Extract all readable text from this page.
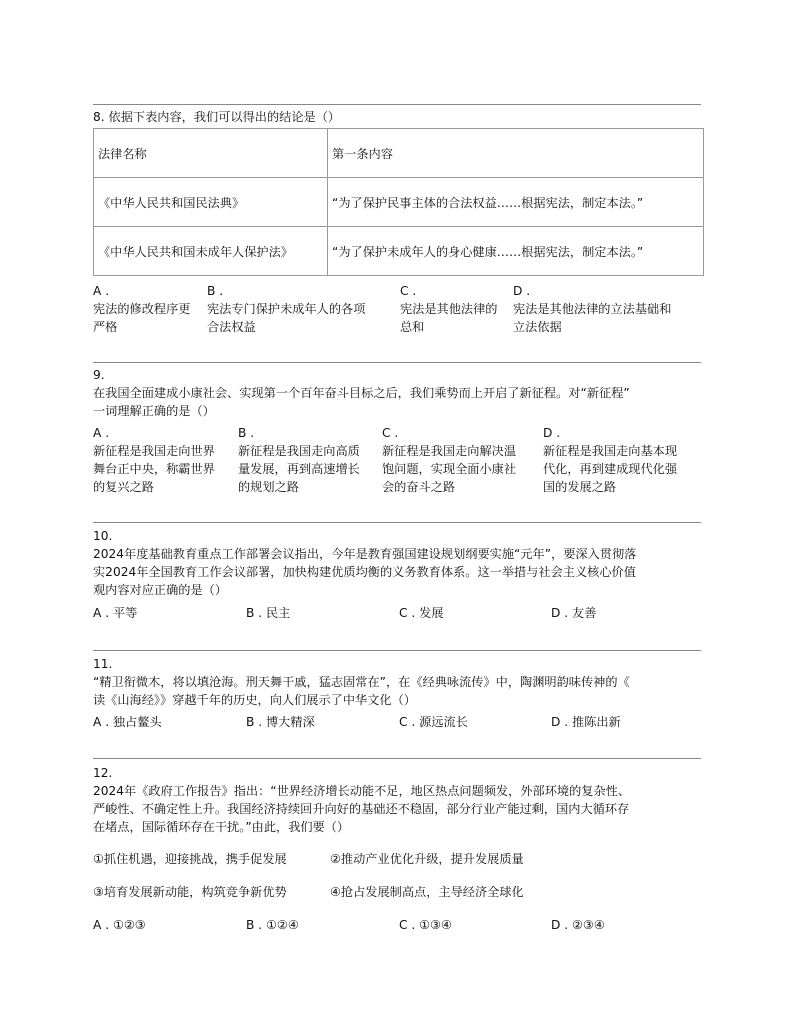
8. 依据下表内容，我们可以得出的结论是（）
法律名称	第一条内容
《中华人民共和国民法典》	“为了保护民事主体的合法权益……根据宪法，制定本法。”
《中华人民共和国未成年人保护法》	“为了保护未成年人的身心健康……根据宪法，制定本法。”
A .
宪法的修改程序更
严格
B .
宪法专门保护未成年人的各项
合法权益
C .
宪法是其他法律的
总和
D .
宪法是其他法律的立法基础和
立法依据
9.
在我国全面建成小康社会、实现第一个百年奋斗目标之后，我们乘势而上开启了新征程。对“新征程”
一词理解正确的是（）
A .
新征程是我国走向世界
舞台正中央，称霸世界
的复兴之路
B .
新征程是我国走向高质
量发展，再到高速增长
的规划之路
C .
新征程是我国走向解决温
饱问题，实现全面小康社
会的奋斗之路
D .
新征程是我国走向基本现
代化，再到建成现代化强
国的发展之路
10.
2024年度基础教育重点工作部署会议指出，今年是教育强国建设规划纲要实施“元年”，要深入贯彻落
实2024年全国教育工作会议部署，加快构建优质均衡的义务教育体系。这一举措与社会主义核心价值
观内容对应正确的是（）
A . 平等	B . 民主	C . 发展	D . 友善
11.
“精卫衔微木，将以填沧海。刑天舞干戚，猛志固常在”，在《经典咏流传》中，陶渊明韵味传神的《
读《山海经》》穿越千年的历史，向人们展示了中华文化（）
A . 独占鳌头	B . 博大精深	C . 源远流长	D . 推陈出新
12.
2024年《政府工作报告》指出：“世界经济增长动能不足，地区热点问题频发，外部环境的复杂性、
严峻性、不确定性上升。我国经济持续回升向好的基础还不稳固，部分行业产能过剩，国内大循环存
在堵点，国际循环存在干扰。”由此，我们要（）
①抓住机遇，迎接挑战，携手促发展	②推动产业优化升级，提升发展质量
③培育发展新动能，构筑竞争新优势	④抢占发展制高点，主导经济全球化
A . ①②③	B . ①②④	C . ①③④	D . ②③④
